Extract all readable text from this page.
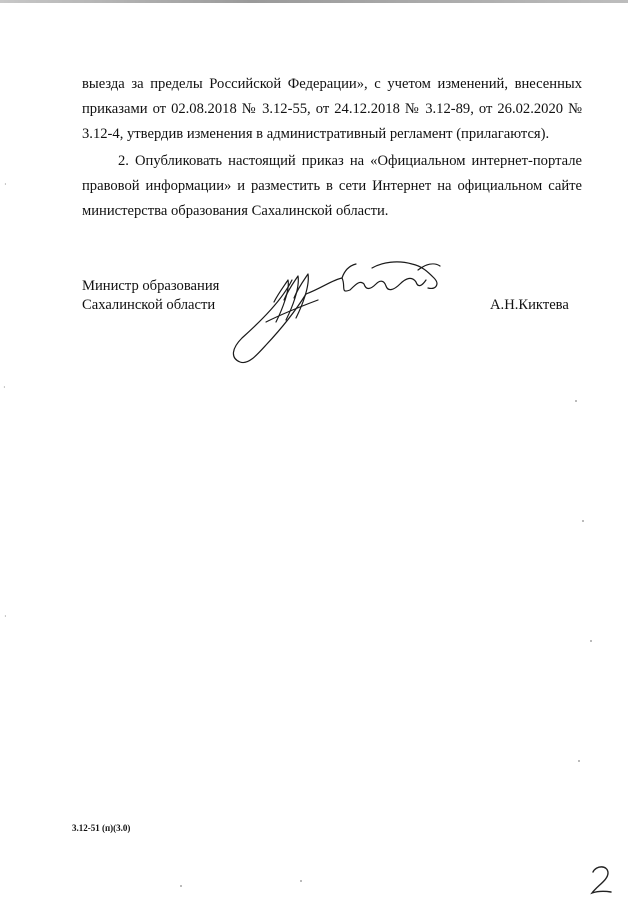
выезда за пределы Российской Федерации», с учетом изменений, внесенных
приказами от 02.08.2018 № 3.12-55, от 24.12.2018 № 3.12-89, от 26.02.2020 №
3.12-4, утвердив изменения в административный регламент (прилагаются).
2. Опубликовать настоящий приказ на «Официальном интернет-портале
правовой информации» и разместить в сети Интернет на официальном сайте
министерства образования Сахалинской области.
Министр образования
Сахалинской области	А.Н.Киктева
3.12-51 (п)(3.0)
·
·
·
